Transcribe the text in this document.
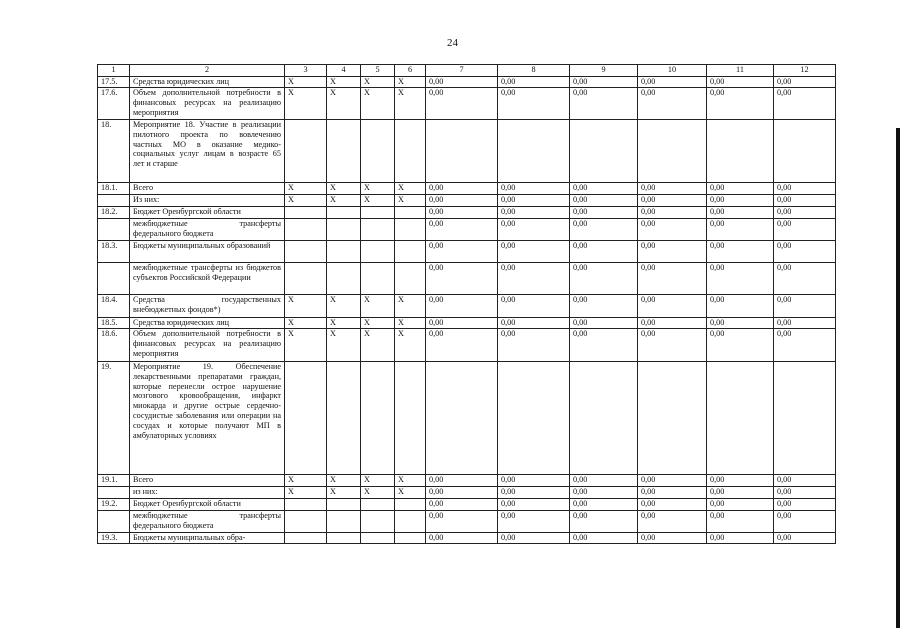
24
1	2	3	4	5	6	7	8	9	10	11	12
17.5.	Средства юридических лиц	X	X	X	X	0,00	0,00	0,00	0,00	0,00	0,00
17.6.	Объем дополнительной потребности в финансовых ресурсах на реализацию мероприятия	X	X	X	X	0,00	0,00	0,00	0,00	0,00	0,00
18.	Мероприятие 18. Участие в реализации пилотного проекта по вовлечению частных МО в оказание медико-социальных услуг лицам в возрасте 65 лет и старше										
18.1.	Всего	X	X	X	X	0,00	0,00	0,00	0,00	0,00	0,00
	Из них:	X	X	X	X	0,00	0,00	0,00	0,00	0,00	0,00
18.2.	Бюджет Оренбургской области					0,00	0,00	0,00	0,00	0,00	0,00
	межбюджетные трансферты федерального бюджета					0,00	0,00	0,00	0,00	0,00	0,00
18.3.	Бюджеты муниципальных образований					0,00	0,00	0,00	0,00	0,00	0,00
	межбюджетные трансферты из бюджетов субъектов Российской Федерации					0,00	0,00	0,00	0,00	0,00	0,00
18.4.	Средства государственных внебюджетных фондов*)	X	X	X	X	0,00	0,00	0,00	0,00	0,00	0,00
18.5.	Средства юридических лиц	X	X	X	X	0,00	0,00	0,00	0,00	0,00	0,00
18.6.	Объем дополнительной потребности в финансовых ресурсах на реализацию мероприятия	X	X	X	X	0,00	0,00	0,00	0,00	0,00	0,00
19.	Мероприятие 19. Обеспечение лекарственными препаратами граждан, которые перенесли острое нарушение мозгового кровообращения, инфаркт миокарда и другие острые сердечно-сосудистые заболевания или операции на сосудах и которые получают МП в амбулаторных условиях										
19.1.	Всего	X	X	X	X	0,00	0,00	0,00	0,00	0,00	0,00
	из них:	X	X	X	X	0,00	0,00	0,00	0,00	0,00	0,00
19.2.	Бюджет Оренбургской области					0,00	0,00	0,00	0,00	0,00	0,00
	межбюджетные трансферты федерального бюджета					0,00	0,00	0,00	0,00	0,00	0,00
19.3.	Бюджеты муниципальных обра-					0,00	0,00	0,00	0,00	0,00	0,00
